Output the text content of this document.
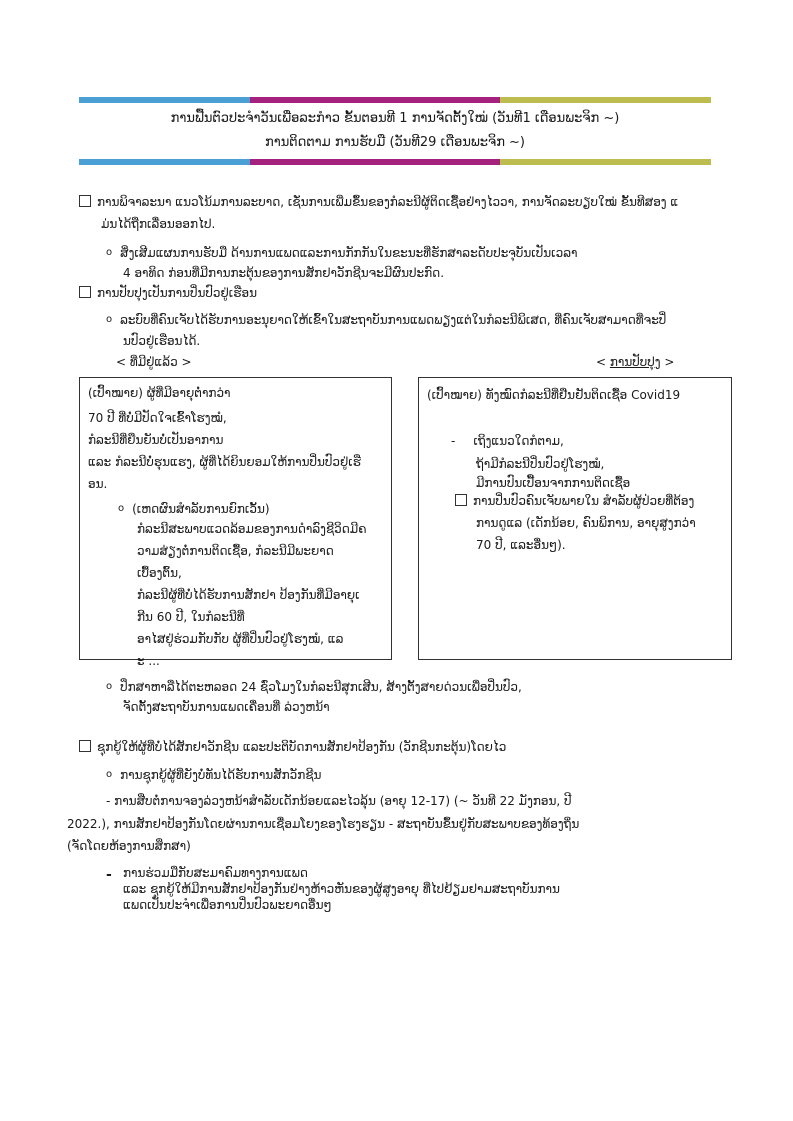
ການຟື້ນຕົວປະຈຳວັນເພື່ອລະກຳວ ຂັ້ນຕອນທີ 1 ການຈັດຕັ້ງໃໝ່ (ວັນທີ1 ເດືອນພະຈິກ ~)
ການຕິດຕາມ ການຮັບມື (ວັນທີ29 ເດືອນພະຈິກ ~)
ການພິຈາລະນາ ແນວໂນ້ມການລະບາດ, ເຊັ່ນການເພີ່ມຂຶ້ນຂອງກໍລະນີຜູ້ຕິດເຊື້ອຢ່າງໄວວາ, ການຈັດລະບຽບໃໝ່ ຂັ້ນທີສອງ ແ
ມ່ນໄດ້ຖືກເລື່ອນອອກໄປ.
o ສິ່ງເສີມແຜນການຮັບມື ດ້ານການແພດແລະການກັກກັນໃນຂະນະທີ່ຮັກສາລະດັບປະຈຸບັນເປັນເວລາ
4 ອາທິດ ກ່ອນທີ່ມີການກະຕຸ້ນຂອງການສັກຢາວັກຊີນຈະມີຜົນປະກົດ.
ການປັບປຸງເປັນການປິ່ນປົວຢູ່ເຮືອນ
o ລະບົບທີ່ຄົນເຈັບໄດ້ຮັບການອະນຸຍາດໃຫ້ເຂົ້າໃນສະຖາບັນການແພດພຽງແຕ່ໃນກໍລະນີພິເສດ, ທີ່ຄົນເຈັບສາມາດທີ່ຈະປິ່
ນປົວຢູ່ເຮືອນໄດ້.
< ທີ່ມີຢູ່ແລ້ວ >	< ການປັບປຸງ >
(ເປົ້າໝາຍ) ຜູ້ທີ່ມີອາຍຸຕ່ຳກວ່າ
70 ປີ ທີ່ບໍ່ມີປັດໃຈເຂົ້າໂຮງໝໍ,
ກໍລະນີທີ່ຍືນຍັນບໍ່ເປັນອາການ
ແລະ ກໍລະນີບໍ່ຮຸນແຮງ, ຜູ້ທີ່ໄດ້ຍິນຍອມໃຫ້ການປິ່ນປົວຢູ່ເຮື
ອນ.
o (ເຫດຜົນສຳລັບການຍົກເວັ້ນ)
ກໍລະນີສະພາບແວດລ້ອມຂອງການດຳລົງຊີວິດມີຄ
ວາມສ່ຽງຕໍ່ການຕິດເຊື້ອ, ກໍລະນີມີພະຍາດ
ເບື້ອງຕົ້ນ,
ກໍລະນີຜູ້ທີ່ບໍ່ໄດ້ຮັບການສັກຢາ ປ້ອງກັນທີ່ມີອາຍຸເ
ກີນ 60 ປີ, ໃນກໍລະນີທີ່
ອາໄສຢູ່ຮ່ວມກັບກັບ ຜູ້ທີ່ປິ່ນປົວຢູ່ໂຮງໝໍ, ແລ
ະ ...
(ເປົ້າໝາຍ) ທັງໝົດກໍລະນີທີ່ຢືນຢັນຕິດເຊື້ອ Covid19
- ເຖິງແນວໃດກໍຕາມ,
ຖ້າມີກໍລະນີປິ່ນປົວຢູ່ໂຮງໝໍ,
ມີການປົນເປື້ອນຈາກການຕິດເຊື້ອ
ການປິ່ນປົວຄົນເຈັບພາຍໃນ ສຳລັບຜູ້ປ່ວຍທີ່ຕ້ອງ
ການດູແລ (ເດັກນ້ອຍ, ຄົນພິການ, ອາຍຸສູງກວ່າ
70 ປີ, ແລະອື່ນໆ).
o ປຶກສາຫາລືໄດ້ຕະຫລອດ 24 ຊົ່ວໂມງໃນກໍລະນີສຸກເສີນ, ສ້າງຕັ້ງສາຍດ່ວນເພື່ອປິ່ນປົວ,
ຈັດຕັ້ງສະຖາບັນການແພດເຄື່ອນທີ່ ລ່ວງຫນ້າ
ຊຸກຍູ້ໃຫ້ຜູ້ທີ່ບໍ່ໄດ້ສັກຢາວັກຊີນ ແລະປະຕິບັດການສັກຢາປ້ອງກັນ (ວັກຊີນກະຕຸ້ນ)ໂດຍໄວ
o ການຊຸກຍູ້ຜູ້ທີ່ຍັງບໍ່ທັນໄດ້ຮັບການສັກວັກຊີນ
- ການສືບຕໍ່ການຈອງລ່ວງຫນ້າສຳລັບເດັກນ້ອຍແລະໄວລຸ້ນ (ອາຍຸ 12-17) (~ ວັນທີ 22 ມັງກອນ, ປີ
2022.), ການສັກຢາປ້ອງກັນໂດຍຜ່ານການເຊື່ອມໂຍງຂອງໂຮງຮຽນ - ສະຖາບັນຂຶ້ນຢູ່ກັບສະພາບຂອງທ້ອງຖິ່ນ
(ຈັດໂດຍຫ້ອງການສຶກສາ)
- ການຮ່ວມມືກັບສະມາຄົມທາງການແພດ
ແລະ ຊຸກຍູ້ໃຫ້ມີການສັກຢາປ້ອງກັນຢ່າງຫ້າວຫັນຂອງຜູ້ສູງອາຍຸ ທີ່ໄປຢ້ຽມຢາມສະຖາບັນການ
ແພດເປັນປະຈຳເພື່ອການປິ່ນປົວພະຍາດອື່ນໆ
